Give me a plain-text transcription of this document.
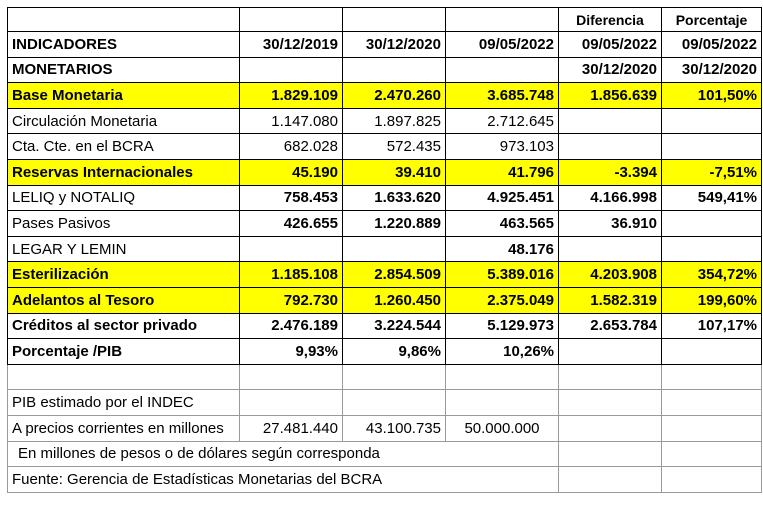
				Diferencia	Porcentaje
INDICADORES	30/12/2019	30/12/2020	09/05/2022	09/05/2022	09/05/2022
MONETARIOS				30/12/2020	30/12/2020
Base Monetaria	1.829.109	2.470.260	3.685.748	1.856.639	101,50%
Circulación Monetaria	1.147.080	1.897.825	2.712.645		
Cta. Cte. en el BCRA	682.028	572.435	973.103		
Reservas Internacionales	45.190	39.410	41.796	-3.394	-7,51%
LELIQ y NOTALIQ	758.453	1.633.620	4.925.451	4.166.998	549,41%
Pases Pasivos	426.655	1.220.889	463.565	36.910	
LEGAR Y LEMIN			48.176		
Esterilización	1.185.108	2.854.509	5.389.016	4.203.908	354,72%
Adelantos al Tesoro	792.730	1.260.450	2.375.049	1.582.319	199,60%
Créditos al sector privado	2.476.189	3.224.544	5.129.973	2.653.784	107,17%
Porcentaje /PIB	9,93%	9,86%	10,26%		

PIB estimado por el INDEC					
A precios corrientes en millones	27.481.440	43.100.735	50.000.000		
En millones de pesos o de dólares según corresponda					
Fuente: Gerencia de Estadísticas Monetarias del BCRA					
